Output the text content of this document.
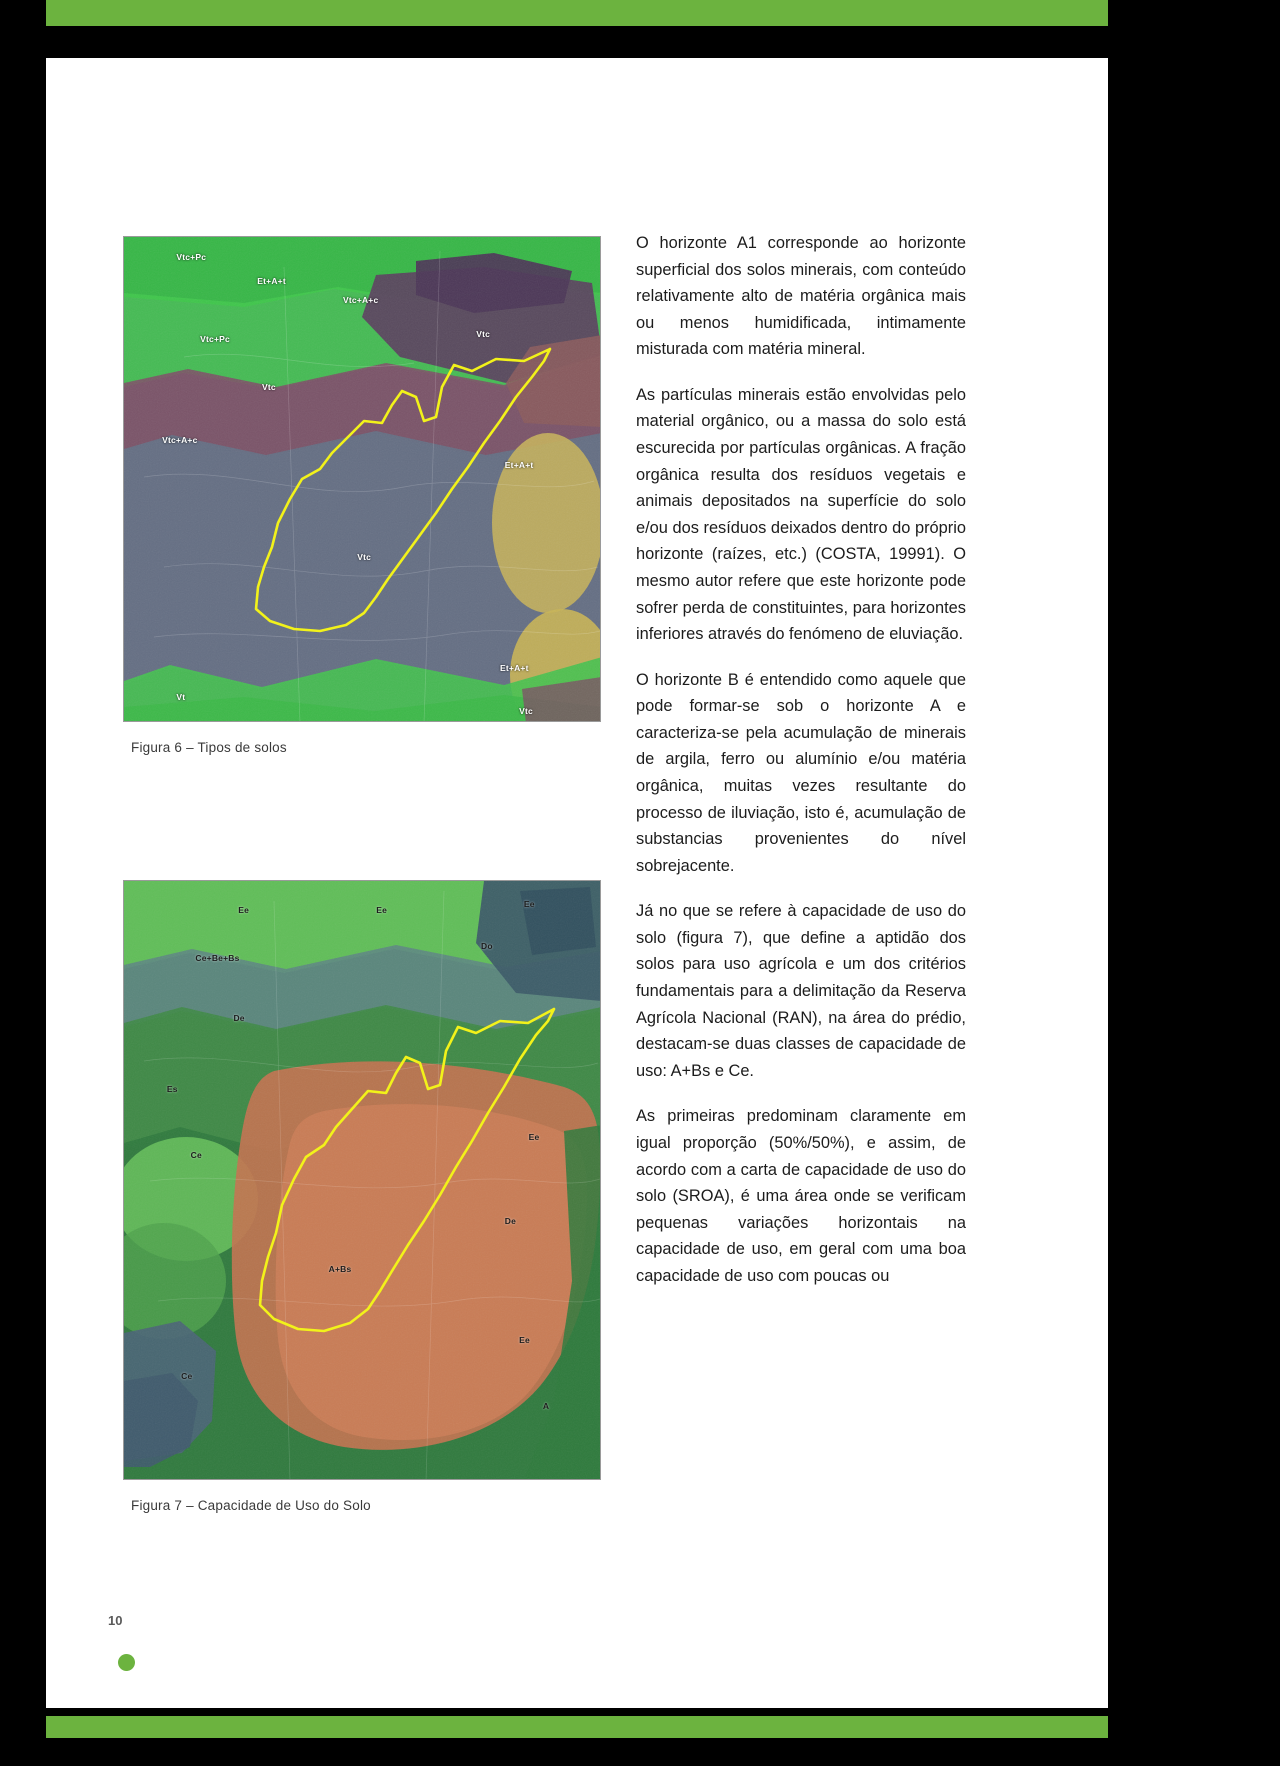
Vtc+Pc
Et+A+t
Vtc+A+c
Vtc
Vtc+Pc
Vtc
Vtc+A+c
Et+A+t
Vtc
Vt
Et+A+t
Vtc
Figura 6 – Tipos de solos
Ee	Ee
Ee
Do
Ce+Be+Bs
De
Es
Ce
Ee
De
A+Bs
Ee
Ce
A
Figura 7 – Capacidade de Uso do Solo

O horizonte A1 corresponde ao horizonte superficial dos solos minerais, com conteúdo relativamente alto de matéria orgânica mais ou menos humidificada, intimamente misturada com matéria mineral.

As partículas minerais estão envolvidas pelo material orgânico, ou a massa do solo está escurecida por partículas orgânicas. A fração orgânica resulta dos resíduos vegetais e animais depositados na superfície do solo e/ou dos resíduos deixados dentro do próprio horizonte (raízes, etc.) (COSTA, 19991). O mesmo autor refere que este horizonte pode sofrer perda de constituintes, para horizontes inferiores através do fenómeno de eluviação.

O horizonte B é entendido como aquele que pode formar-se sob o horizonte A e caracteriza-se pela acumulação de minerais de argila, ferro ou alumínio e/ou matéria orgânica, muitas vezes resultante do processo de iluviação, isto é, acumulação de substancias provenientes do nível sobrejacente.

Já no que se refere à capacidade de uso do solo (figura 7), que define a aptidão dos solos para uso agrícola e um dos critérios fundamentais para a delimitação da Reserva Agrícola Nacional (RAN), na área do prédio, destacam-se duas classes de capacidade de uso: A+Bs e Ce.

As primeiras predominam claramente em igual proporção (50%/50%), e assim, de acordo com a carta de capacidade de uso do solo (SROA), é uma área onde se verificam pequenas variações horizontais na capacidade de uso, em geral com uma boa capacidade de uso com poucas ou

10
